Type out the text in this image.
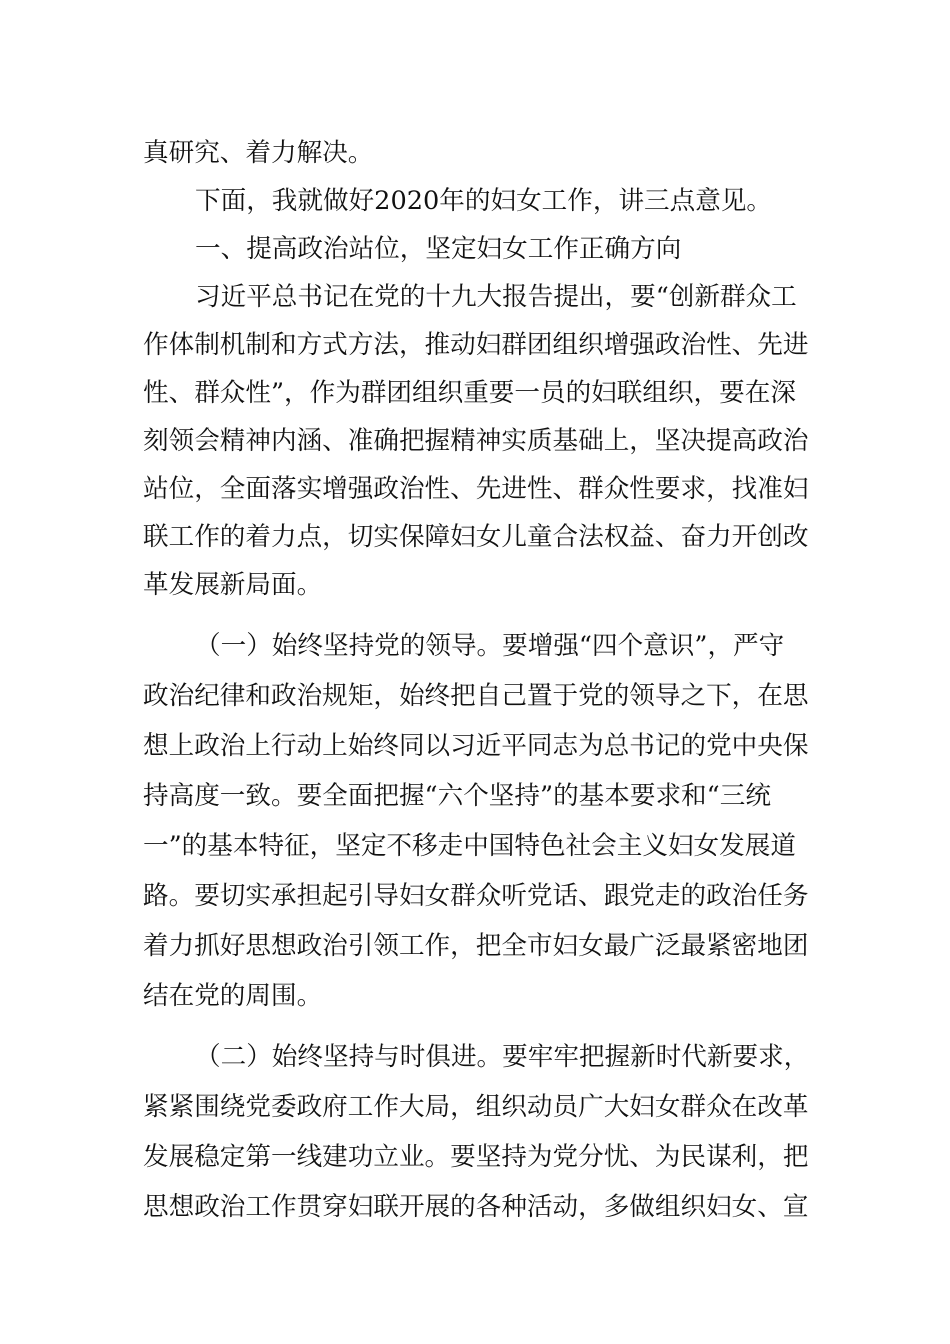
真研究、着力解决。

下面，我就做好2020年的妇女工作，讲三点意见。

一、提高政治站位，坚定妇女工作正确方向

习近平总书记在党的十九大报告提出，要“创新群众工

作体制机制和方式方法，推动妇群团组织增强政治性、先进

性、群众性”，作为群团组织重要一员的妇联组织，要在深

刻领会精神内涵、准确把握精神实质基础上，坚决提高政治

站位，全面落实增强政治性、先进性、群众性要求，找准妇

联工作的着力点，切实保障妇女儿童合法权益、奋力开创改

革发展新局面。

（一）始终坚持党的领导。要增强“四个意识”，严守

政治纪律和政治规矩，始终把自己置于党的领导之下，在思

想上政治上行动上始终同以习近平同志为总书记的党中央保

持高度一致。要全面把握“六个坚持”的基本要求和“三统

一”的基本特征，坚定不移走中国特色社会主义妇女发展道

路。要切实承担起引导妇女群众听党话、跟党走的政治任务

着力抓好思想政治引领工作，把全市妇女最广泛最紧密地团

结在党的周围。

（二）始终坚持与时俱进。要牢牢把握新时代新要求，

紧紧围绕党委政府工作大局，组织动员广大妇女群众在改革

发展稳定第一线建功立业。要坚持为党分忧、为民谋利，把

思想政治工作贯穿妇联开展的各种活动，多做组织妇女、宣
